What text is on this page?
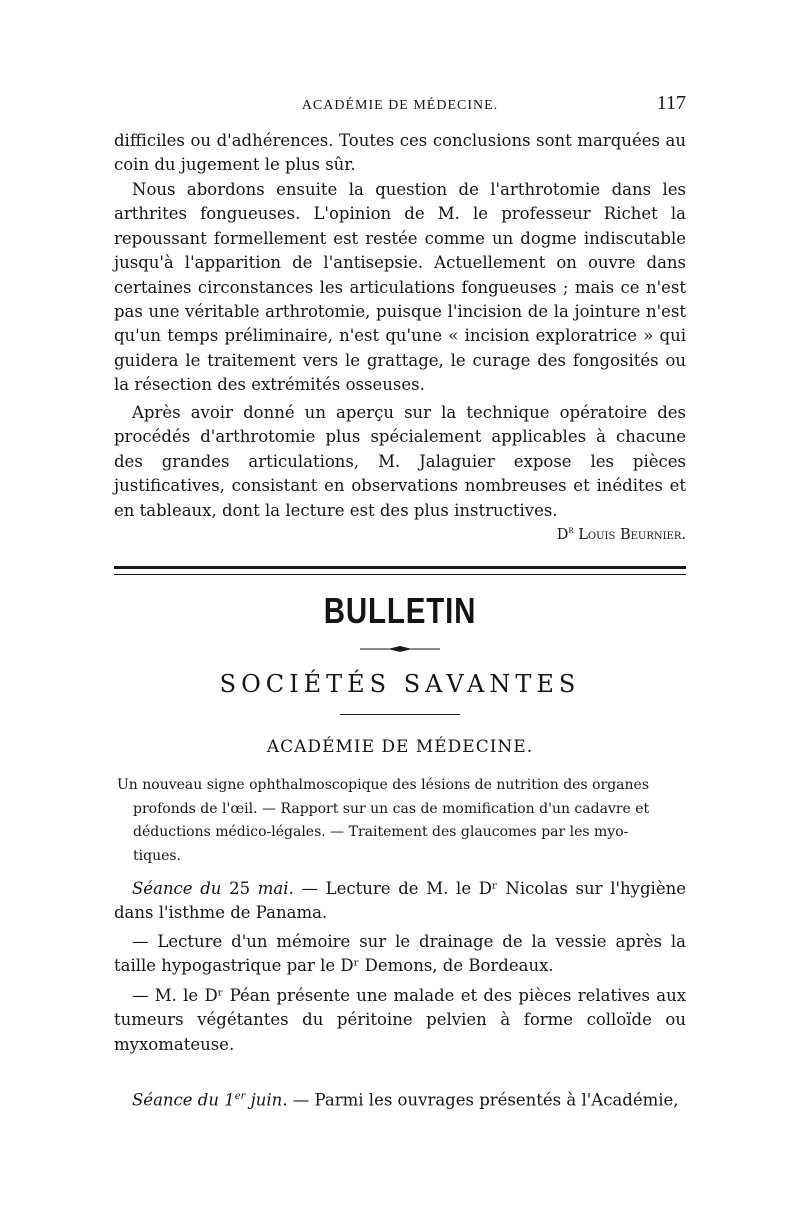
ACADÉMIE DE MÉDECINE.	117

difficiles ou d'adhérences. Toutes ces conclusions sont marquées au coin du jugement le plus sûr.

Nous abordons ensuite la question de l'arthrotomie dans les arthrites fongueuses. L'opinion de M. le professeur Richet la repoussant formellement est restée comme un dogme indiscutable jusqu'à l'apparition de l'antisepsie. Actuellement on ouvre dans certaines circonstances les articulations fongueuses ; mais ce n'est pas une véritable arthrotomie, puisque l'incision de la jointure n'est qu'un temps préliminaire, n'est qu'une « incision exploratrice » qui guidera le traitement vers le grattage, le curage des fongosités ou la résection des extrémités osseuses.

Après avoir donné un aperçu sur la technique opératoire des procédés d'arthrotomie plus spécialement applicables à chacune des grandes articulations, M. Jalaguier expose les pièces justificatives, consistant en observations nombreuses et inédites et en tableaux, dont la lecture est des plus instructives.

$D^r$ Louis Beurnier.
BULLETIN
SOCIÉTÉS SAVANTES
ACADÉMIE DE MÉDECINE.

Un nouveau signe ophthalmoscopique des lésions de nutrition des organes
profonds de l'œil. — Rapport sur un cas de momification d'un cadavre et
déductions médico-légales. — Traitement des glaucomes par les myo-
tiques.

Séance du 25 mai. — Lecture de M. le Dʳ Nicolas sur l'hygiène dans l'isthme de Panama.

— Lecture d'un mémoire sur le drainage de la vessie après la taille hypogastrique par le Dʳ Demons, de Bordeaux.

— M. le Dʳ Péan présente une malade et des pièces relatives aux tumeurs végétantes du péritoine pelvien à forme colloïde ou myxomateuse.

Séance du 1er juin. — Parmi les ouvrages présentés à l'Académie,
